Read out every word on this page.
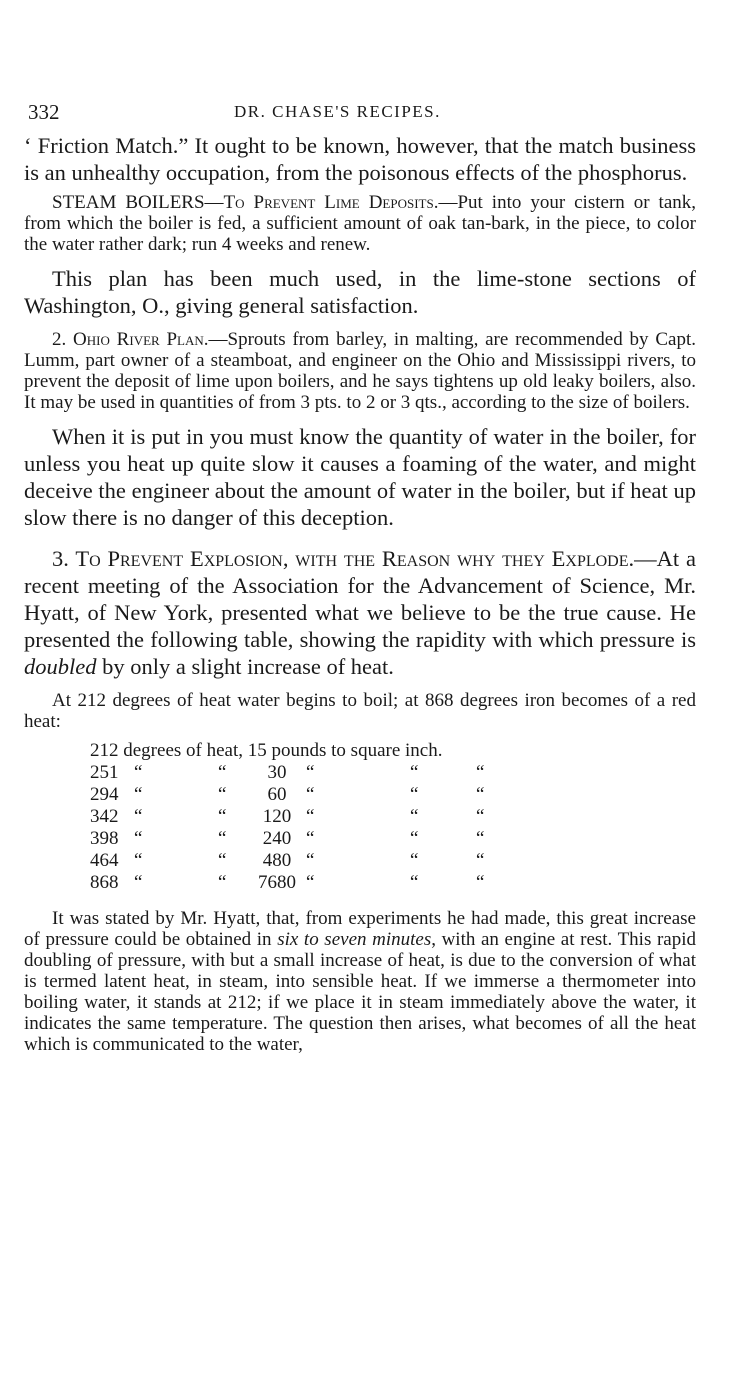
332	DR. CHASE'S RECIPES.

‘ Friction Match.” It ought to be known, however, that the match business is an unhealthy occupation, from the poisonous effects of the phosphorus.

STEAM BOILERS—To Prevent Lime Deposits.—Put into your cistern or tank, from which the boiler is fed, a sufficient amount of oak tan-bark, in the piece, to color the water rather dark; run 4 weeks and renew.

This plan has been much used, in the lime-stone sections of Washington, O., giving general satisfaction.

2. Ohio River Plan.—Sprouts from barley, in malting, are recommended by Capt. Lumm, part owner of a steamboat, and engineer on the Ohio and Mississippi rivers, to prevent the deposit of lime upon boilers, and he says tightens up old leaky boilers, also. It may be used in quantities of from 3 pts. to 2 or 3 qts., according to the size of boilers.

When it is put in you must know the quantity of water in the boiler, for unless you heat up quite slow it causes a foaming of the water, and might deceive the engineer about the amount of water in the boiler, but if heat up slow there is no danger of this deception.

3. To Prevent Explosion, with the Reason why they Explode.—At a recent meeting of the Association for the Advancement of Science, Mr. Hyatt, of New York, presented what we believe to be the true cause. He presented the following table, showing the rapidity with which pressure is doubled by only a slight increase of heat.

At 212 degrees of heat water begins to boil; at 868 degrees iron becomes of a red heat:

212 degrees of heat, 15 pounds to square inch.						
251	“	“	30	“	“	“
294	“	“	60	“	“	“
342	“	“	120	“	“	“
398	“	“	240	“	“	“
464	“	“	480	“	“	“
868	“	“	7680	“	“	“

It was stated by Mr. Hyatt, that, from experiments he had made, this great increase of pressure could be obtained in six to seven minutes, with an engine at rest. This rapid doubling of pressure, with but a small increase of heat, is due to the conversion of what is termed latent heat, in steam, into sensible heat. If we immerse a thermometer into boiling water, it stands at 212; if we place it in steam immediately above the water, it indicates the same temperature. The question then arises, what becomes of all the heat which is communicated to the water,
